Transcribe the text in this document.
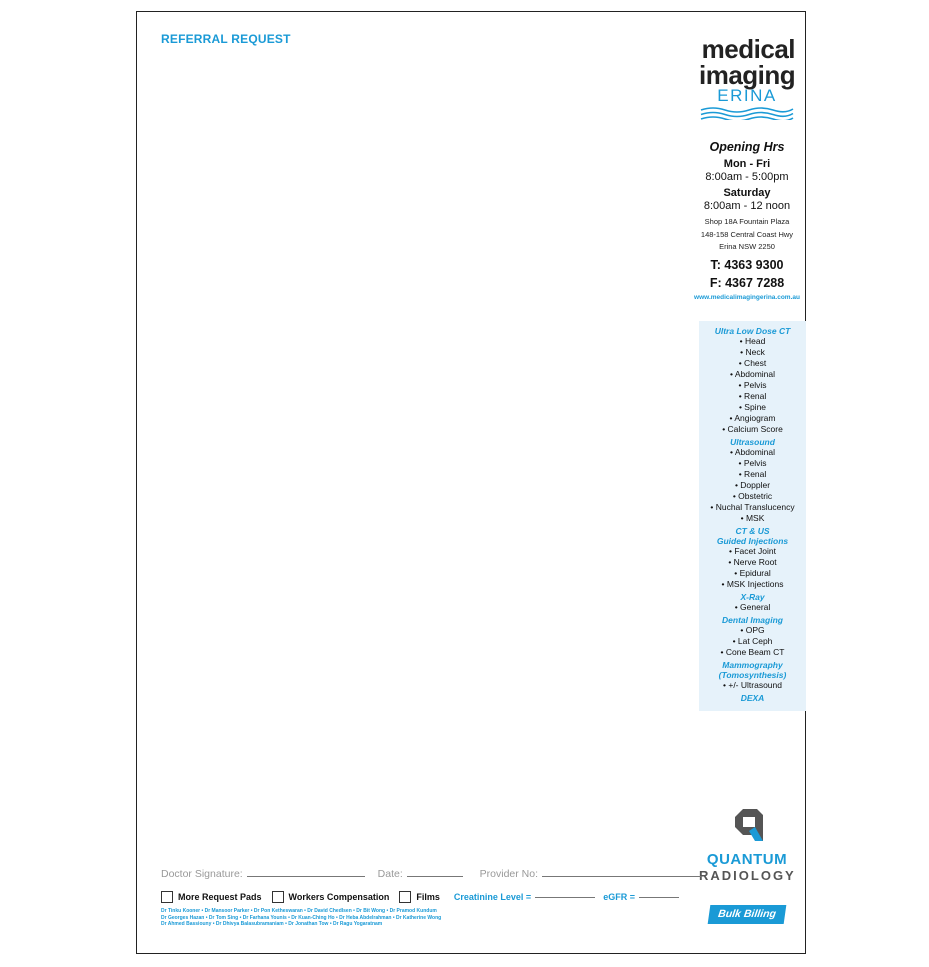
REFERRAL REQUEST	medical
imaging
ERINA
Opening Hrs
Mon - Fri
8:00am - 5:00pm
Saturday
8:00am - 12 noon
Shop 18A Fountain Plaza
148-158 Central Coast Hwy
Erina NSW 2250
T: 4363 9300
F: 4367 7288
www.medicalimagingerina.com.au
Ultra Low Dose CT
• Head
• Neck
• Chest
• Abdominal
• Pelvis
• Renal
• Spine
• Angiogram
• Calcium Score
Ultrasound
• Abdominal
• Pelvis
• Renal
• Doppler
• Obstetric
• Nuchal Translucency
• MSK
CT & US
Guided Injections
• Facet Joint
• Nerve Root
• Epidural
• MSK Injections
X-Ray
• General
Dental Imaging
• OPG
• Lat Ceph
• Cone Beam CT
Mammography
(Tomosynthesis)
• +/- Ultrasound
DEXA
QUANTUM
RADIOLOGY
Bulk Billing
Doctor Signature:	Date:	Provider No:
More Request Pads	Workers Compensation	Films Creatinine Level =	eGFR =
Dr Tinku Kooner • Dr Mansoor Parker • Dr Pon Ketheswaran • Dr David Chedlsen • Dr Bit Wong • Dr Pramod Kundum
Dr Georges Hazan • Dr Tom Sing • Dr Farhana Younis • Dr Kuan-Ching Ho • Dr Heba Abdelrahman • Dr Katherine Wong
Dr Ahmed Bassiouny • Dr Dhivya Balasubramaniam • Dr Jonathan Tow • Dr Ragu Yogaratnam
